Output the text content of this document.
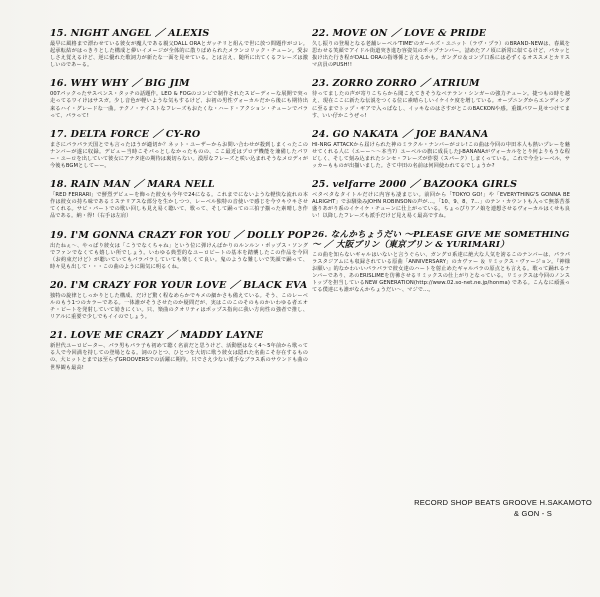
15. NIGHT ANGEL ／ ALEXIS

最早に風格まで漂わせている彼女が魔人である親父DALL ORAとガッチリと組んで世に放つ問題作がコレ。起承転結がはっきりとした構成と儚いイメージが全体的に散りばめられたメランコリック・チューン。愛おしさえ覚えるけど、逆に優れた歌詞力が新たな一面を見せている。とは言え、随所に出てくるフレーズは激しいのであーる。

16. WHY WHY ／ BIG JIM

007パックったサスペンス・タッチの話題作。LEO & FOGのコンビで制作されたスピーディーな展開で突っ走ってるワイけはサスガ。少し音色が軽いような気もするけど、お初の男性ヴォーカルだから後にも期待出来るハイ・グレードな一曲。テクノ・テイストなフレーズもおたくな・ハード・アクション・チューンでパラって、パラって!

17. DELTA FORCE ／ CY-RO

まさにパラパラ天国とでも言ったほうが適切か？ネット・ユーザーからお問い合わせが殺到しまくったこのナンバーが遂に収録。デビュー当時こそパっとしなかったものの、ここ最近はプロデ機能を兼備したパワー・ユーロを出していて彼女にアナタ達の期待は裏切らない。漠厚なフレーズと咲い込まれそうなメロディが今後もBGMとしてーー。

18. RAIN MAN ／ MARA NELL

「RED FERRARI」で鮮烈デビューを飾った彼女も今年で24になる。これまでにないような軽快な流れの本作は彼女の持ち味であるミステリアスな部分を生かしつつ、レーベル独特の音使いで感じを今ウキウキさせてくれる。サビ・パートでの歌い回しも見え易く聴いて、歌って、そして踊っての三拍子揃った素晴しき作品である。納・得!（右手は左肩）

19. I'M GONNA CRAZY FOR YOU ／ DOLLY POP

出たねぇ〜、やっぱり彼女は「こうでなくちゃね」という位に弾けんばかりのルンルン・ポップス・ソングでファンでなくても嬉しい所でしょう。いわゆる典型的なユーロビートの基本を踏襲したこの作品を今回（お約束だけど）が聴いていてもパラパラしていても楽しくて良い。鬼のような難しいで笑顔で踊って、時々見も出して・・・この曲のように陽気に明るくね。

20. I'M CRAZY FOR YOUR LOVE ／ BLACK EVA

独特の旋律としっかりとした構成、だけど驚く程なめらかでキメの細かさも備えている。そう、このレーベルのもう1つのカラーである。一体誰がそうさせたのか疑問だが、実はこのこのそのものかいわゆる者エオチ・ビートを発射していて効きにくい。只、楽曲のクオリティはポップス指向に我い方向性の強者で推し、リアルに重要で少しでもイイのでしょう。

21. LOVE ME CRAZY ／ MADDY LAYNE

新世代ユーロビーター、パラ男もパラ子も初めて聴く名前だと思うけど、活動歴はなく4〜5年前から歌ってる人で今回満を持しての登場となる。詞のひとつ、ひとつを大切に歌う彼女は隠れた名曲こそ存在するものの、大ヒットとまでは至らずGROOVERSでの活躍に期待。只でさえ少ない派手なブラス系のサウンドも曲の世界観も最高!

22. MOVE ON ／ LOVE & PRIDE

久し振りの登場となる老舗レーベル'TIME'のガールズ・ユニット（ラヴ・プラ）のBRAND-NEWは、春風を思わせる笑顔でアイドル街道突き進む容姿気のポップナンバー。詰めたアノ頃に新常に似てるけど、パカッと抜け出た行き程がDALL ORAの指導係と言えるかも。ガングロ＆コンプ口系には必ずくるオススメとカリスマ店員のPUSH!!

23. ZORRO ZORRO ／ ATRIUM

待ってましたの声が寄りこちらから聞こえてきそうなベテラン・シンガーの強力チューン。捷つもの時を越え、現在ここに新たな伝説をつくる位に素晴らしいイケイケ度を増している。オープニングからエンディングに至るまでトップ・ギアで入っぱなし、イッキなのはさすがとこのBACKONや感。重鎮パワー見せつけてます、いい仔かこうぜっ!

24. GO NAKATA ／ JOE BANANA

HI-NRG ATTACKから届けられた神のミラクル・ナンバーがコレ!この曲は今回の中田本人も熱いプレーを魅せてくれる人に（エーー〜〜本当?）ユーベルの旗に成長したJ-BANANAがヴォーカルをとり何よりもうな程ビしく、そして刻み込まれたシンセ・フレーズが炸裂（スパーク）しまくっている。これで今全レーベル、サッカーもものが出揃いました。さて中田の名前は何回使われてるでしょうか?

25. velfarre 2000 ／ BAZOOKA GIRLS

ベタベタなタイトルだけに内容も凄まじい。前回から「TOKYO GO!」や「EVERYTHING'S GONNA BE ALRIGHT」でお馴染みJOHN ROBINSONの声が…。「10、9、8、7…」のテン・カウントも入って無茶苦茶盛りあがり系のイケイケ・チューンに仕上がっている。ちょっぴりアノ娘を連想させるヴォーカルはくせも良い！以降したフレーズも派手だけど見え易く最高ですね。

26. なんかちょうだい ～PLEASE GIVE ME SOMETHING～ ／ 大阪プリン（東京プリン & YURIMARI）

この曲を知らないギャルはいないと言うぐらい、ガングロ系達に絶大な人気を誇るこのナンバーは、パラパラスタジアムにも収録されている原曲「ANNIVERSARY」のカヴァー ＆ リミックス・ヴァージョン。『神様お願い』的なかわいいパラパラで彼女達のハートを射止めたギャルパラの原点とも言える。歌って踊れるナンバーであり、あのERISLIMEを彷彿させるリミックスの仕上がりとなっている。リミックスは今回のノンストップを担当しているNEW GENERATION(http://www.02.so-net.ne.jp/honma) である。こんなに頑張ってる僕達にも誰がなんかちょうだい〜、マジで…。

RECORD SHOP BEATS GROOVE H.SAKAMOTO
& GON - S
